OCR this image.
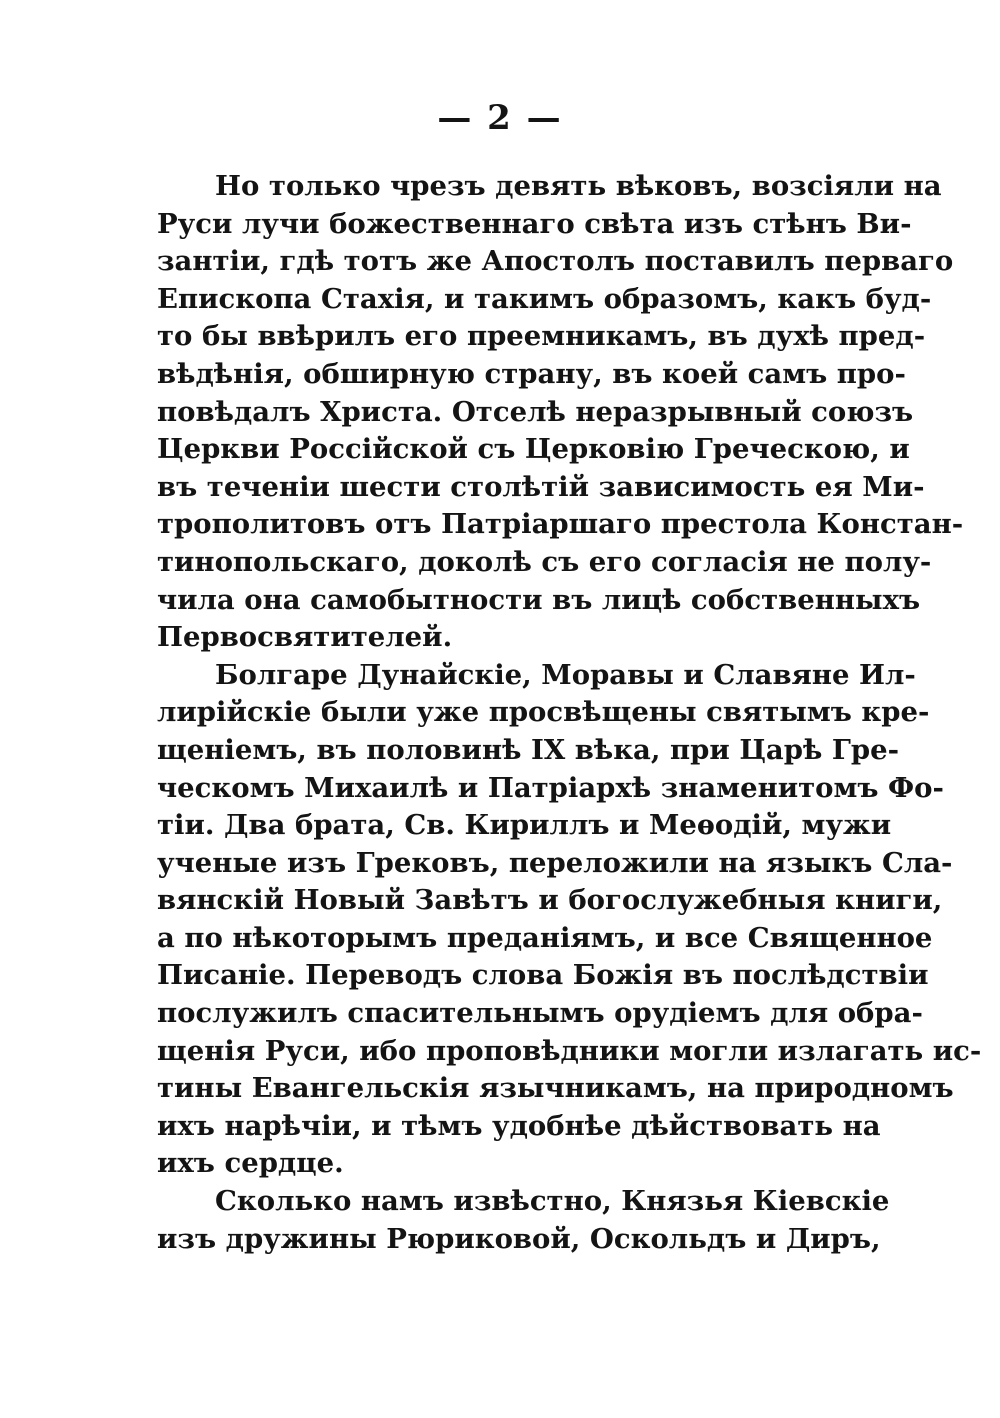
— 2 —
Но только чрезъ девять вѣковъ, возсіяли на
Руси лучи божественнаго свѣта изъ стѣнъ Ви-
зантіи, гдѣ тотъ же Апостолъ поставилъ перваго
Епископа Стахія, и такимъ образомъ, какъ буд-
то бы ввѣрилъ его преемникамъ, въ духѣ пред-
вѣдѣнія, обширную страну, въ коей самъ про-
повѣдалъ Христа. Отселѣ неразрывный союзъ
Церкви Россійской съ Церковію Греческою, и
въ теченіи шести столѣтій зависимость ея Ми-
трополитовъ отъ Патріаршаго престола Констан-
тинопольскаго, доколѣ съ его согласія не полу-
чила она самобытности въ лицѣ собственныхъ
Первосвятителей.
Болгаре Дунайскіе, Моравы и Славяне Ил-
лирійскіе были уже просвѣщены святымъ кре-
щеніемъ, въ половинѣ IX вѣка, при Царѣ Гре-
ческомъ Михаилѣ и Патріархѣ знаменитомъ Фо-
тіи. Два брата, Св. Кириллъ и Меѳодій, мужи
ученые изъ Грековъ, переложили на языкъ Сла-
вянскій Новый Завѣтъ и богослужебныя книги,
а по нѣкоторымъ преданіямъ, и все Священное
Писаніе. Переводъ слова Божія въ послѣдствіи
послужилъ спасительнымъ орудіемъ для обра-
щенія Руси, ибо проповѣдники могли излагать ис-
тины Евангельскія язычникамъ, на природномъ
ихъ нарѣчіи, и тѣмъ удобнѣе дѣйствовать на
ихъ сердце.
Сколько намъ извѣстно, Князья Кіевскіе
изъ дружины Рюриковой, Оскольдъ и Диръ,
